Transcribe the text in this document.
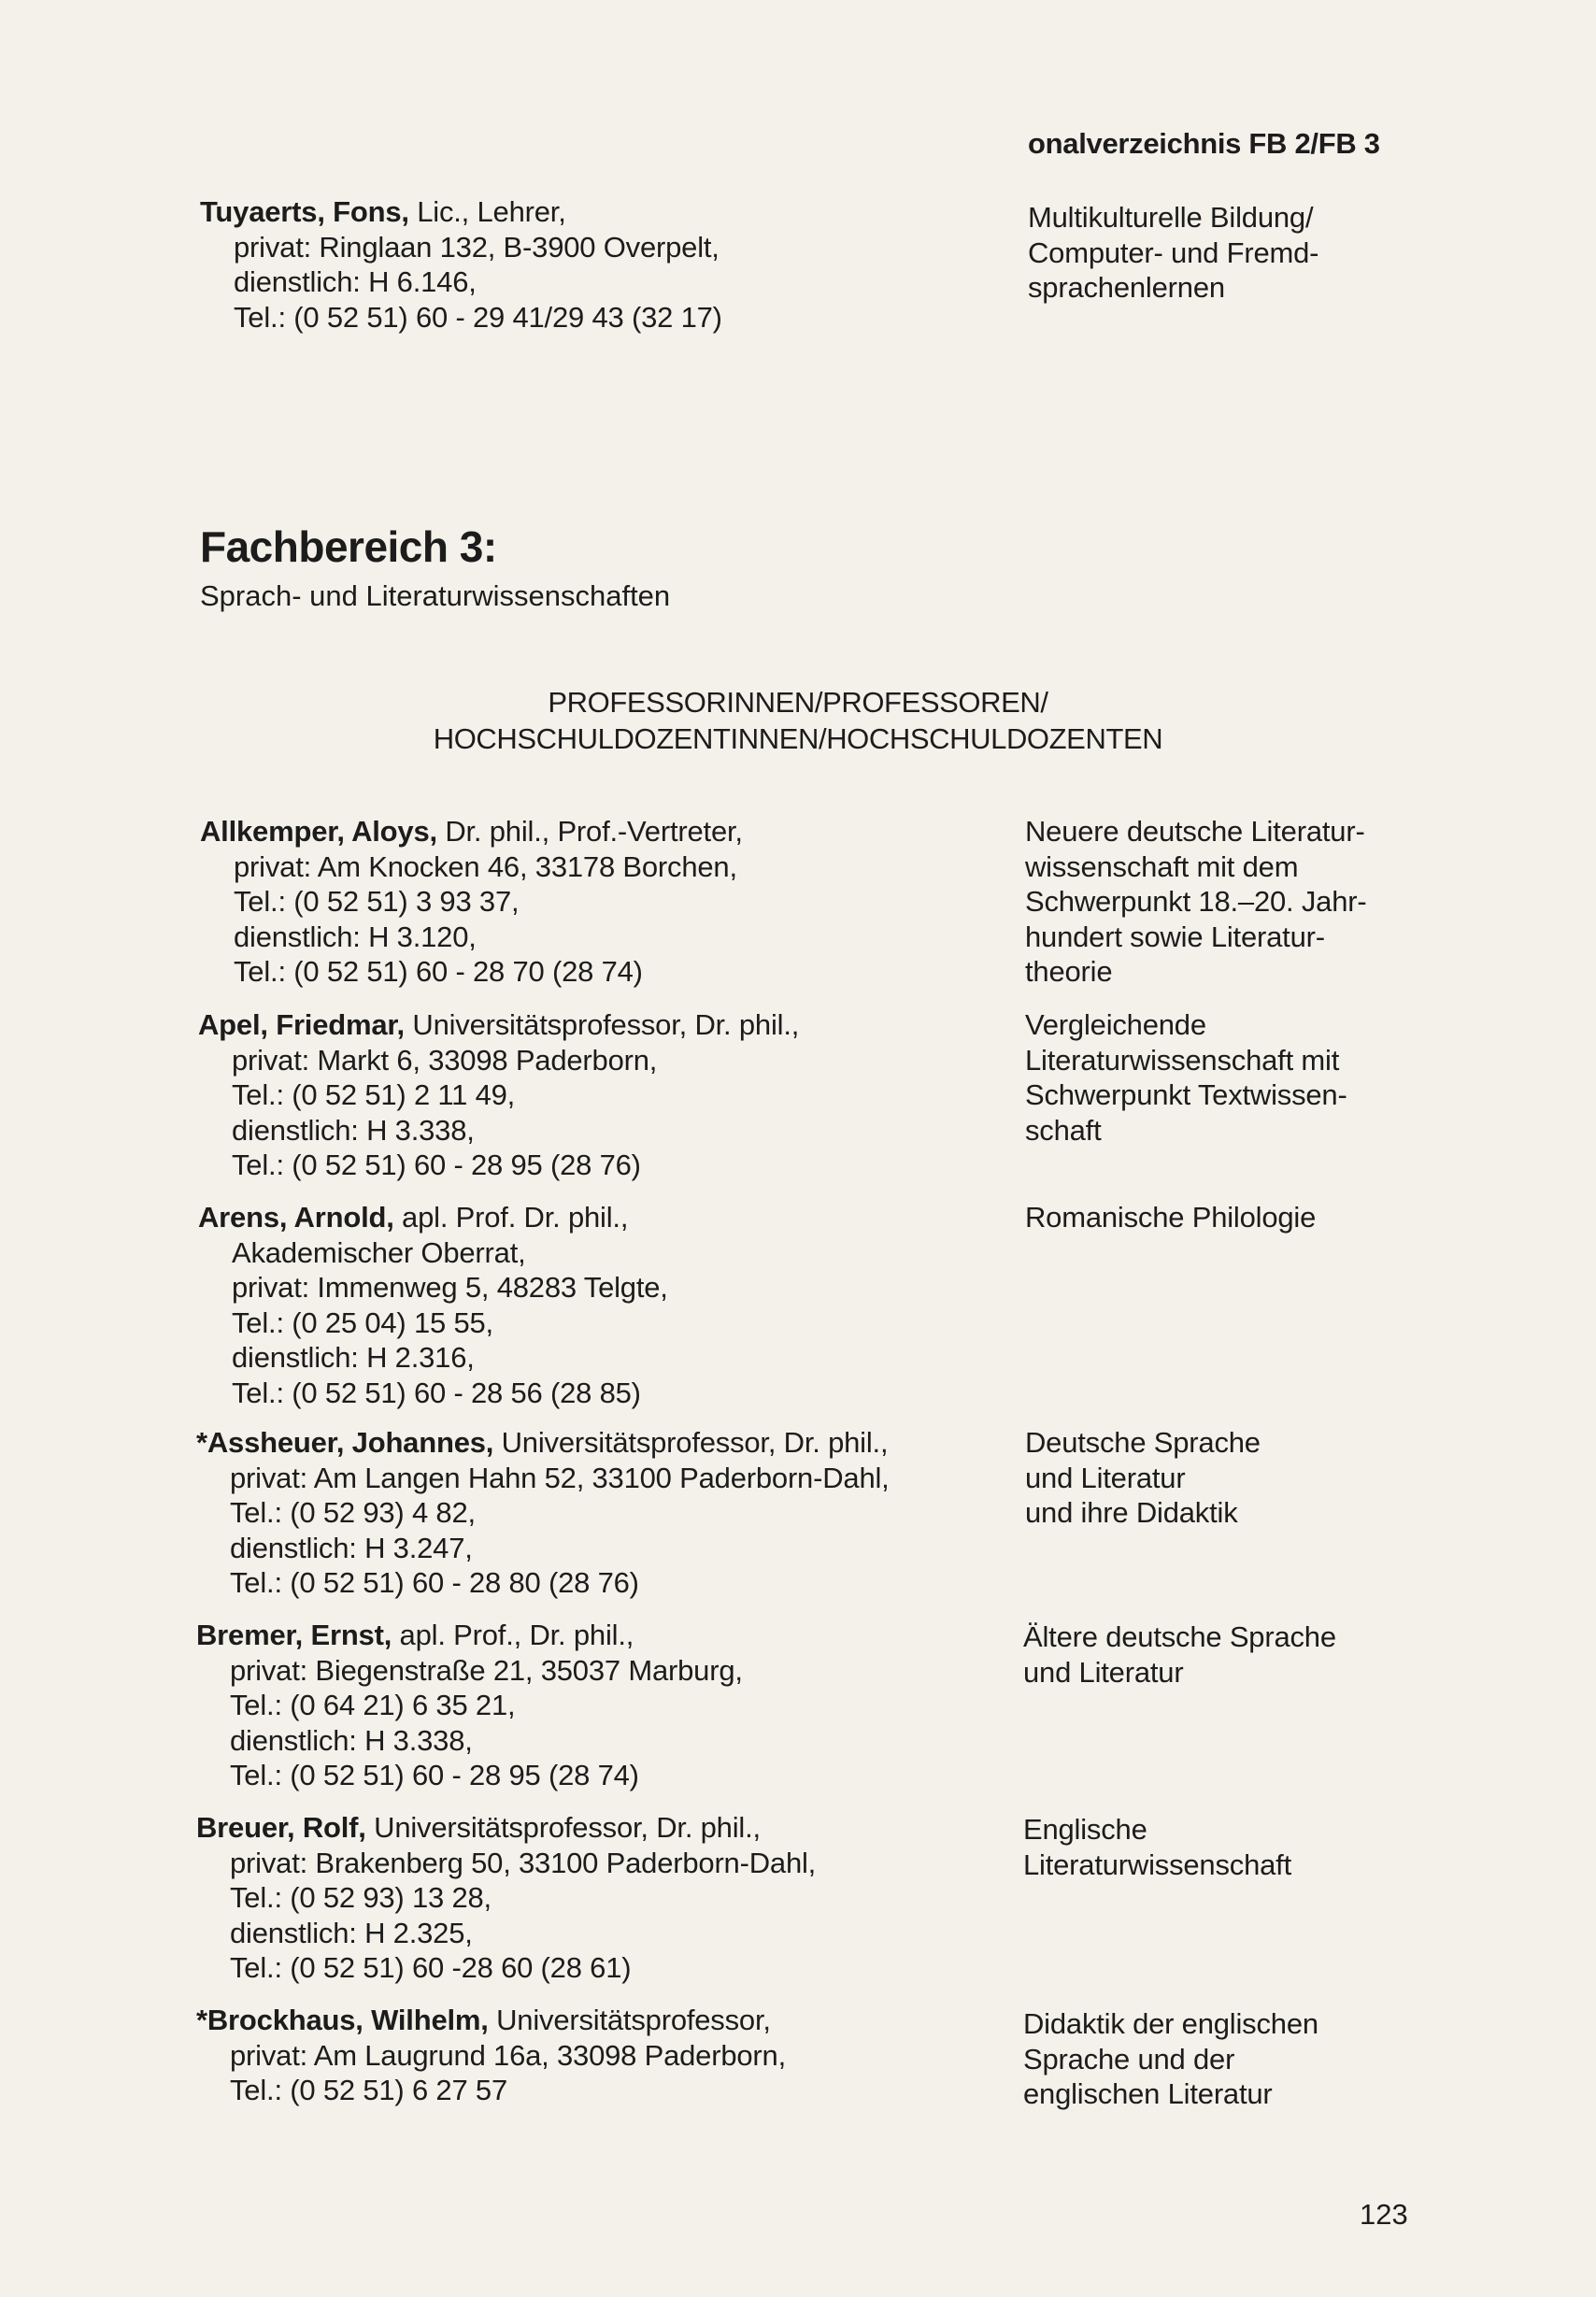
onalverzeichnis FB 2/FB 3
Tuyaerts, Fons, Lic., Lehrer,
privat: Ringlaan 132, B-3900 Overpelt,
dienstlich: H 6.146,
Tel.: (0 52 51) 60 - 29 41/29 43 (32 17)
Multikulturelle Bildung/
Computer- und Fremd-
sprachenlernen
Fachbereich 3:
Sprach- und Literaturwissenschaften
PROFESSORINNEN/PROFESSOREN/
HOCHSCHULDOZENTINNEN/HOCHSCHULDOZENTEN
Allkemper, Aloys, Dr. phil., Prof.-Vertreter,
privat: Am Knocken 46, 33178 Borchen,
Tel.: (0 52 51) 3 93 37,
dienstlich: H 3.120,
Tel.: (0 52 51) 60 - 28 70 (28 74)
Neuere deutsche Literatur-
wissenschaft mit dem
Schwerpunkt 18.–20. Jahr-
hundert sowie Literatur-
theorie
Apel, Friedmar, Universitätsprofessor, Dr. phil.,
privat: Markt 6, 33098 Paderborn,
Tel.: (0 52 51) 2 11 49,
dienstlich: H 3.338,
Tel.: (0 52 51) 60 - 28 95 (28 76)
Vergleichende
Literaturwissenschaft mit
Schwerpunkt Textwissen-
schaft
Arens, Arnold, apl. Prof. Dr. phil.,
Akademischer Oberrat,
privat: Immenweg 5, 48283 Telgte,
Tel.: (0 25 04) 15 55,
dienstlich: H 2.316,
Tel.: (0 52 51) 60 - 28 56 (28 85)
Romanische Philologie
*Assheuer, Johannes, Universitätsprofessor, Dr. phil.,
privat: Am Langen Hahn 52, 33100 Paderborn-Dahl,
Tel.: (0 52 93) 4 82,
dienstlich: H 3.247,
Tel.: (0 52 51) 60 - 28 80 (28 76)
Deutsche Sprache
und Literatur
und ihre Didaktik
Bremer, Ernst, apl. Prof., Dr. phil.,
privat: Biegenstraße 21, 35037 Marburg,
Tel.: (0 64 21) 6 35 21,
dienstlich: H 3.338,
Tel.: (0 52 51) 60 - 28 95 (28 74)
Ältere deutsche Sprache
und Literatur
Breuer, Rolf, Universitätsprofessor, Dr. phil.,
privat: Brakenberg 50, 33100 Paderborn-Dahl,
Tel.: (0 52 93) 13 28,
dienstlich: H 2.325,
Tel.: (0 52 51) 60 -28 60 (28 61)
Englische
Literaturwissenschaft
*Brockhaus, Wilhelm, Universitätsprofessor,
privat: Am Laugrund 16a, 33098 Paderborn,
Tel.: (0 52 51) 6 27 57
Didaktik der englischen
Sprache und der
englischen Literatur
123
